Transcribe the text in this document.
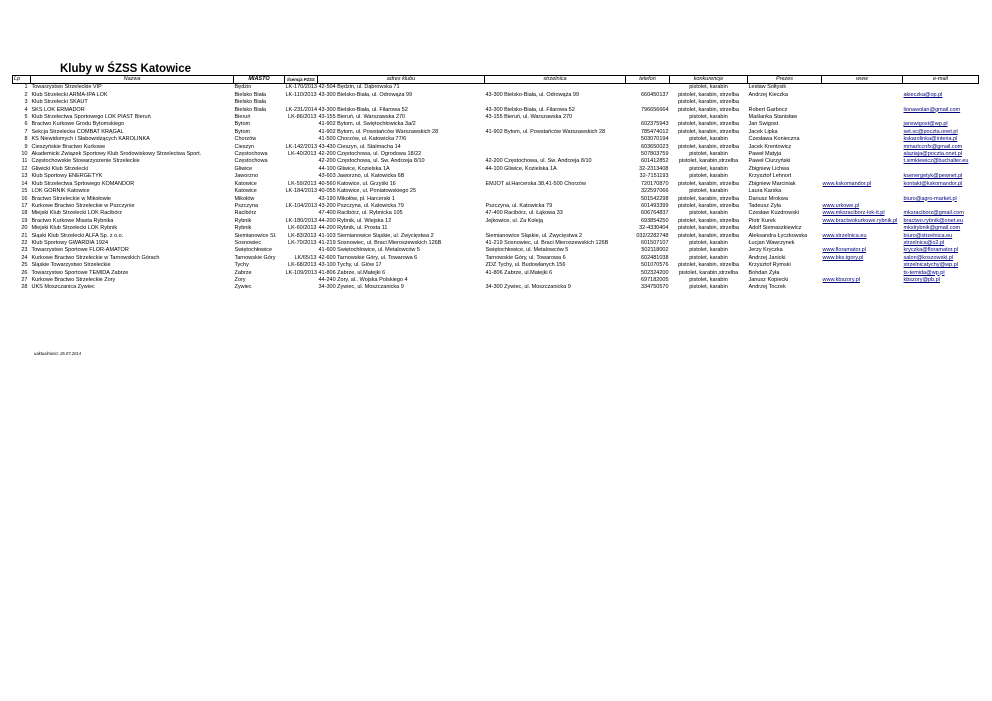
Kluby w ŚZSS Katowice
Lp	Nazwa	MIASTO	licencja PZSS	adres klubu	strzelnica	telefon	konkurencje	Prezes	www	e-mail
1	Towarzystwo Strzeleckie VIP	Będzin	LK-170/2013	42-504 Będzin, ul. Dąbrowska 71			pistolet, karabin	Lesław Sołtysik		
2	Klub Strzelecki ARMA-IPA LOK	Bielsko Biała	LK-110/2013	43-300 Bielsko-Biała, ul. Odrowąża 99	43-300 Bielsko-Biała, ul. Odrowąża 99	660450137	pistolet, karabin, strzelba	Andrzej Kieczka		akieczka@op.pl
3	Klub Strzelecki SKAUT	Bielsko Biała					pistolet, karabin, strzelba			
4	SKS LOK ERMADOR	Bielsko Biała	LK-231/2014	43-300 Bielsko-Biała, ul. Filarowa 52	43-300 Bielsko-Biała, ul. Filarowa 52	796656664	pistolet, karabin, strzelba	Robert Garbocz		lionawolan@gmail.com
5	Klub Strzelectwa Sportowego LOK PIAST Bieruń	Bieruń	LK-86/2013	43-155 Bieruń, ul. Warszawska 270	43-155 Bieruń, ul. Warszawska 270		pistolet, karabin	Maślanka Stanisław		
6	Bractwo Kurkowe Grodu Bytomskiego	Bytom		41-902 Bytom, ul. Świętochłowicka 3a/2		602375943	pistolet, karabin, strzelba	Jan Świgost		janswigost@wp.pl
7	Sekcja Strzelecka COMBAT KRĄGAL	Bytom		41-902 Bytom, ul. Powstańców Warszawskich 28	41-902 Bytom, ul. Powstańców Warszawskich 28	785474012	pistolet, karabin, strzelba	Jacek Lipka		set.sc@poczta.onet.pl
8	KS Niewidomych i Słabowidzących KAROLINKA	Chorzów		41-500 Chorzów, ul. Katowicka 77/6		503070194	pistolet, karabin	Czesława Konieczna		kskarolinka@interia.pl
9	Cieszyńskie Bractwo Kurkowe	Cieszyn	LK-142/2013	43-430 Cieszyn, ul. Stalmacha 14		603650023	pistolet, karabin, strzelba	Jacek Krentowicz		mmarlccnfx@gmail.com
10	Akademicki Związek Sportowy Klub Środowiskowy Strzelectwa Sport.	Częstochowa	LK-40/2013	42-200 Częstochowa, ul. Ogrodowa 18/22		507803759	pistolet, karabin	Paweł Matyja		alaziaja@poczta.onet.pl
11	Częstochowskie Stowarzyszenie Strzeleckie	Częstochowa		42-200 Częstochowa, ul. Św. Andrzeja 8/10	42-200 Częstochowa, ul. Św. Andrzeja 8/10	601412852	pistolet, karabin,strzelba	Paweł Ciurzyński		t.simkiewicz@buchalter.eu
12	Gliwicki Klub Strzelecki	Gliwice		44-100 Gliwice, Kozielska 1A	44-100 Gliwice, Kozielska 1A	32-2313408	pistolet, karabin	Zbigniew Lichwa		
13	Klub Sportowy ENERGETYK	Jaworzno		43-603 Jaworzno, ul. Katowicka 6B		32-7151193	pistolet, karabin	Krzysztof Lehnort		ksenergetyk@pewnet.pl
14	Klub Strzelectwa Sprtowego KOMANDOR	Katowice	LK-59/2013	40-560 Katowice, ul. Grzyśki 16	EMJOT al.Harcerska 38,41-500 Chorzów	720170870	pistolet, karabin, strzelba	Zbigniew Marciniak	www.kskomandor.pl	kontakt@kskomandor.pl
15	LOK GÓRNIK Katowice	Katowice	LK-184/2013	40-055 Katowice, ul. Poniatowskiego 25		322597066	pistolet, karabin	Laura Karska		
16	Bractwo Strzeleckie w Mikołowie	Mikołów		43-190 Mikołów, pl. Harcerski 1		501542298	pistolet, karabin, strzelba	Dariusz Mrokwa		biuro@agro-market.pl
17	Kurkowe Bractwo Strzeleckie w Pszczynie	Pszczyna	LK-104/2013	43-200 Pszczyna, ul. Katowicka 79	Pszczyna, ul. Katowicka 79	601493399	pistolet, karabin, strzelba	Tadeusz Żyła	www.urkowe.pl	
18	Miejski Klub Strzelecki LOK Racibórz	Racibórz		47-400 Racibórz, ul. Rybnicka 105	47-400 Racibórz, ul. Łąkowa 33	606764837	pistolet, karabin	Czesław Kuzdrowski	www.mksraciborz-lok-it.pl	mksraciborz@gmail.com
19	Bractwo Kurkowe Miasta Rybnika	Rybnik	LK-180/2013	44-200 Rybnik, ul. Wiejska 12	Jejkowice, ul. Za Koleją	693854250	pistolet, karabin, strzelba	Piotr Kurek	www.bractwokurkowe.rybnik.pl	bractwo.rybnik@onet.eu
20	Miejski Klub Strzelecki LOK Rybnik	Rybnik	LK-60/2013	44-200 Rybnik, ul. Prosta 11		32-4330404	pistolet, karabin, strzelba	Adolf Siemaszkiewicz		mkslrybnik@gmail.com
21	Śląski Klub Strzelecki ALFA Sp. z o.o.	Siemianowice Śl.	LK-83/2013	41-103 Siemianowice Śląskie, ul. Zwycięstwa 2	Siemianowice Śląskie, ul. Zwycięstwa 2	032/2282748	pistolet, karabin, strzelba	Aleksandra Łyczkowska	www.strzelnica.eu	biuro@strzelnica.eu
22	Klub Sportowy GWARDIA 1924	Sosnowiec	LK-70/2013	41-219 Sosnowiec, ul. Braci Mieroszewskich 126B	41-219 Sosnowiec, ul. Braci Mieroszewskich 126B	601507107	pistolet, karabin	Łucjan Wawrzynek		strzelnica@o2.pl
23	Towarzystwo Sportowe FLOR-AMATOR	Świętochłowice		41-600 Świętochłowice, ul. Metalowców 5	Świętochłowice, ul. Metalowców 5	502118002	pistolet, karabin	Jerzy Kryczka	www.floramator.pl	kryczka@floramator.pl
24	Kurkowe Bractwo Strzeleckie w Tarnowskich Górach	Tarnowskie Góry	LK/65/13	42-600 Tarnowskie Góry, ul. Towarowa 6	Tarnowskie Góry, ul. Towarowa 6	602481038	pistolet, karabin	Andrzej Janicki	www.bks.tgory.pl	salon@koszowski.pl
25	Śląskie Towarzystwo Strzeleckie	Tychy	LK-68/2013	43-100 Tychy, ul. Glów 17	ZDZ Tychy, ul. Budowlanych 156	501070576	pistolet, karabin, strzelba	Krzysztof Rymski		strzelnicatychy@wp.pl
26	Towarzystwo Sportowe TEMIDA Zabrze	Zabrze	LK-109/2013	41-806 Zabrze, ul.Matejki 6	41-806 Zabrze, ul.Matejki 6	502324200	pistolet, karabin,strzelba	Bohdan Żyła		ts-temida@wp.pl
27	Kurkowe Bractwo Strzeleckie Żory	Żory		44-240 Żory, al.. Wojska Polskiego 4		697182005	pistolet, karabin	Janusz Kopiecki	www.kbszory.pl	kbszory@pb.pl
28	UKS Moszczanica Żywiec	Żywiec		34-300 Żywiec, ul. Moszczanicka 9	34-300 Żywiec, ul. Moszczanicka 9	334750570	pistolet, karabin	Andrzej Toczek		
uaktualniono: 26.07.2014
